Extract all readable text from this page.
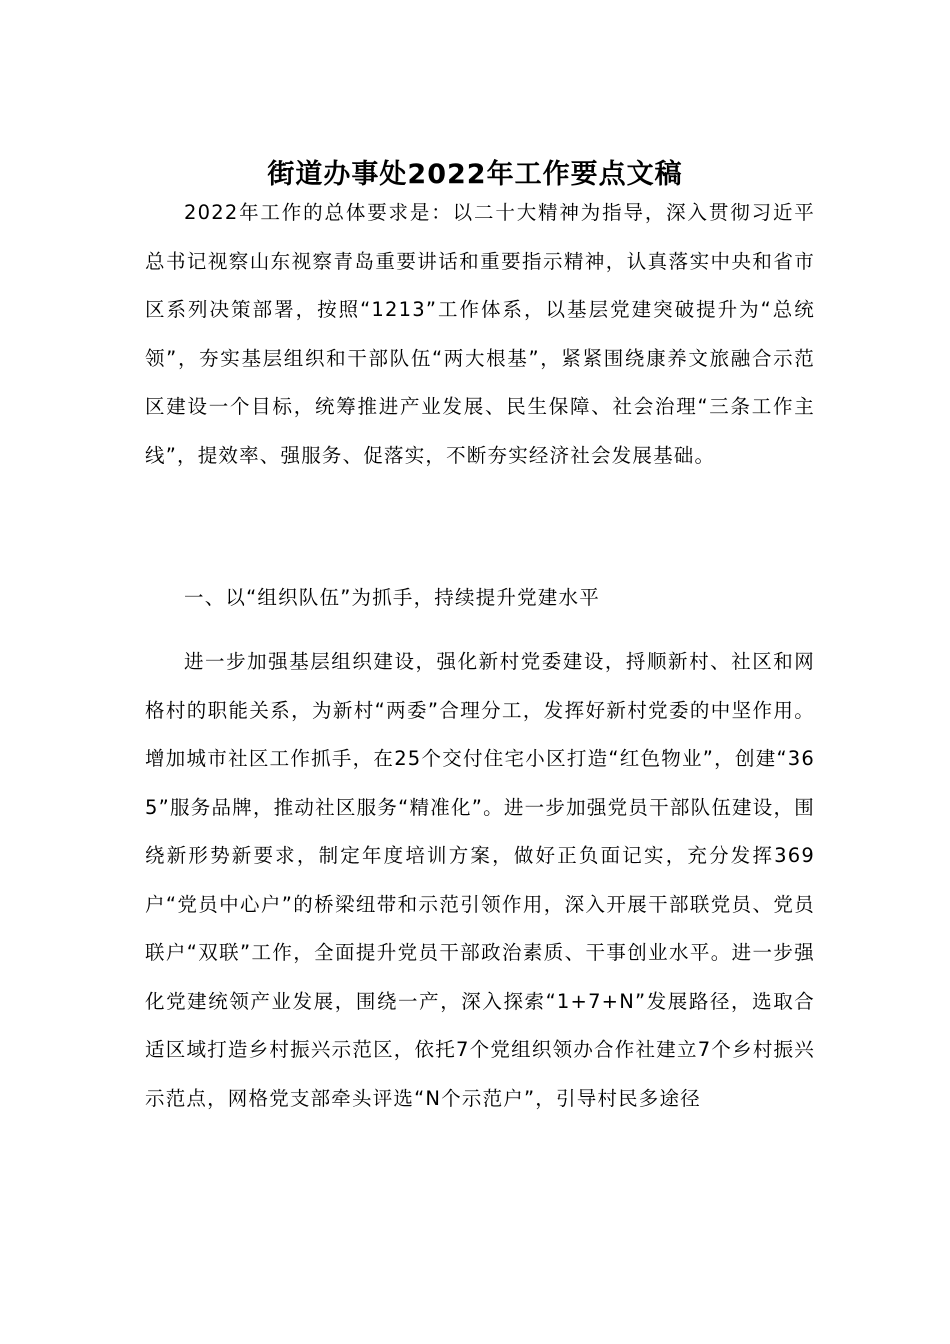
街道办事处2022年工作要点文稿
2022年工作的总体要求是：以二十大精神为指导，深入贯彻习近平总书记视察山东视察青岛重要讲话和重要指示精神，认真落实中央和省市区系列决策部署，按照“1213”工作体系，以基层党建突破提升为“总统领”，夯实基层组织和干部队伍“两大根基”，紧紧围绕康养文旅融合示范区建设一个目标，统筹推进产业发展、民生保障、社会治理“三条工作主线”，提效率、强服务、促落实，不断夯实经济社会发展基础。
一、以“组织队伍”为抓手，持续提升党建水平
进一步加强基层组织建设，强化新村党委建设，捋顺新村、社区和网格村的职能关系，为新村“两委”合理分工，发挥好新村党委的中坚作用。增加城市社区工作抓手，在25个交付住宅小区打造“红色物业”，创建“365”服务品牌，推动社区服务“精准化”。进一步加强党员干部队伍建设，围绕新形势新要求，制定年度培训方案，做好正负面记实，充分发挥369户“党员中心户”的桥梁纽带和示范引领作用，深入开展干部联党员、党员联户“双联”工作，全面提升党员干部政治素质、干事创业水平。进一步强化党建统领产业发展，围绕一产，深入探索“1+7+N”发展路径，选取合适区域打造乡村振兴示范区，依托7个党组织领办合作社建立7个乡村振兴示范点，网格党支部牵头评选“N个示范户”，引导村民多途径
